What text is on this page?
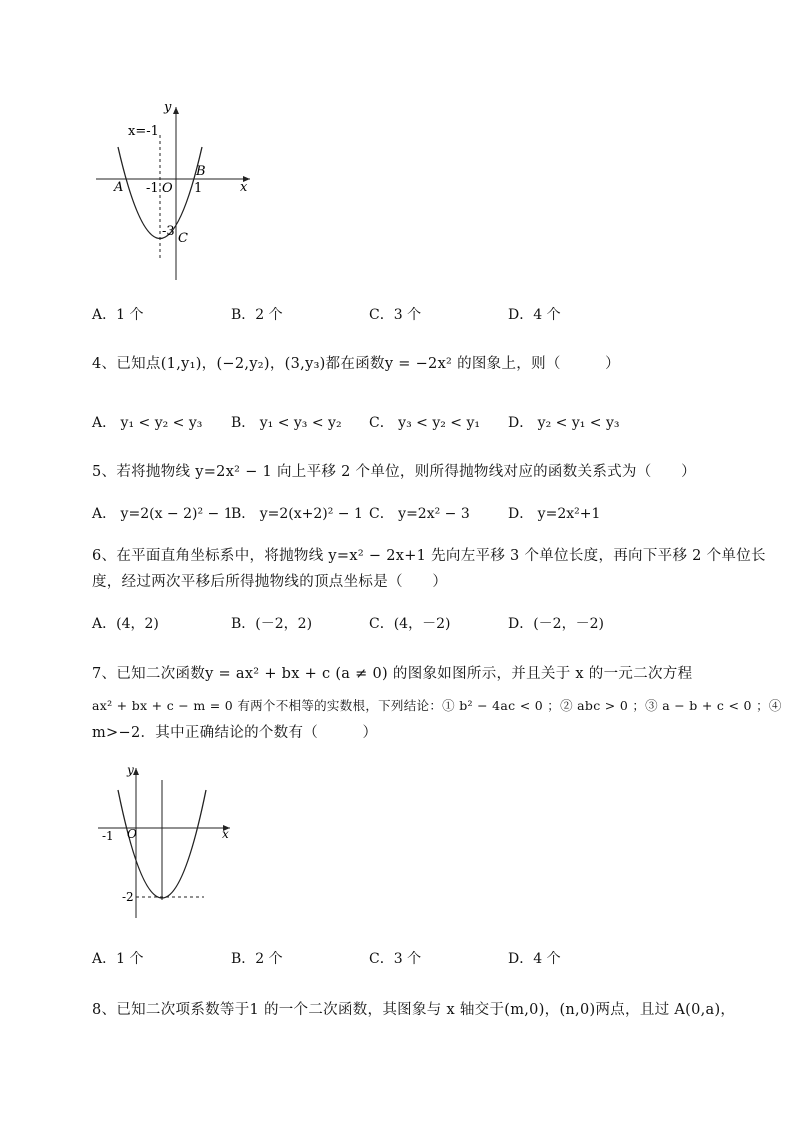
y
x
x=-1
A -1 O 1
B
-3 C
A．1 个	B．2 个	C．3 个	D．4 个
4、已知点(1,y₁)，(−2,y₂)，(3,y₃)都在函数y = −2x² 的图象上，则（　　　）
A． y₁ < y₂ < y₃ B． y₁ < y₃ < y₂ C． y₃ < y₂ < y₁ D． y₂ < y₁ < y₃
5、若将抛物线 y=2x² − 1 向上平移 2 个单位，则所得抛物线对应的函数关系式为（　　）
A． y=2(x − 2)² − 1
B． y=2(x+2)² − 1 C． y=2x² − 3	D． y=2x²+1
6、在平面直角坐标系中，将抛物线 y=x² − 2x+1 先向左平移 3 个单位长度，再向下平移 2 个单位长
度，经过两次平移后所得抛物线的顶点坐标是（　　）
A．(4，2)	B．(－2，2)	C．(4，－2)	D．(－2，－2)
7、已知二次函数y = ax² + bx + c (a ≠ 0) 的图象如图所示，并且关于 x 的一元二次方程
ax² + bx + c − m = 0 有两个不相等的实数根，下列结论：① b² − 4ac < 0 ；② abc > 0 ；③ a − b + c < 0 ；④
m>−2．其中正确结论的个数有（　　　）
y
x
-1 O
-2
A．1 个	B．2 个	C．3 个	D．4 个
8、已知二次项系数等于1 的一个二次函数，其图象与 x 轴交于(m,0)，(n,0)两点，且过 A(0,a)，
